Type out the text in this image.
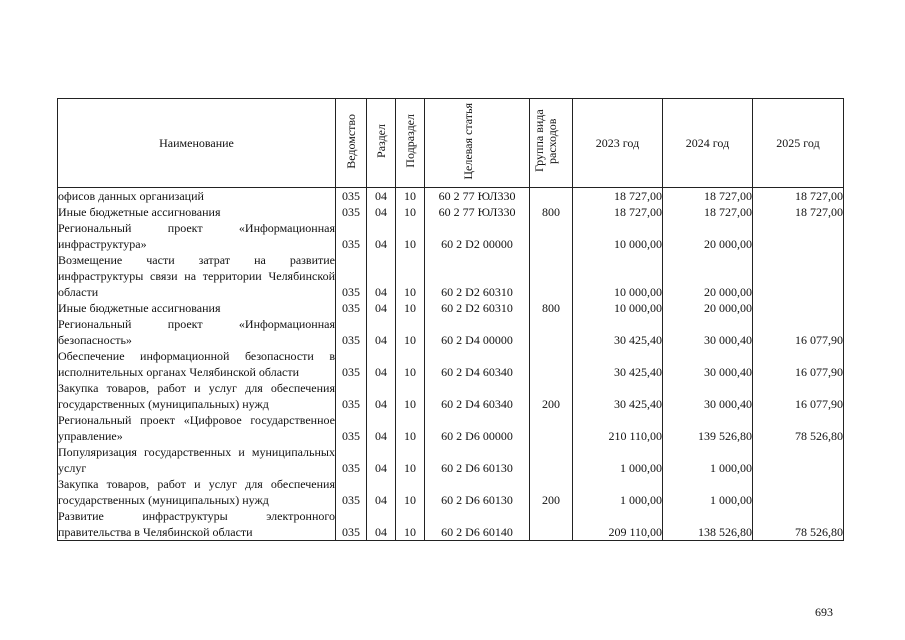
Наименование	Ведомство	Раздел	Подраздел	Целевая статья	Группа вида расходов	2023 год	2024 год	2025 год
офисов данных организаций	035	04	10	60 2 77 ЮЛ330		18 727,00	18 727,00	18 727,00
Иные бюджетные ассигнования	035	04	10	60 2 77 ЮЛ330	800	18 727,00	18 727,00	18 727,00
Региональный проект «Информационная инфраструктура»	035	04	10	60 2 D2 00000		10 000,00	20 000,00	
Возмещение части затрат на развитие инфраструктуры связи на территории Челябинской области	035	04	10	60 2 D2 60310		10 000,00	20 000,00	
Иные бюджетные ассигнования	035	04	10	60 2 D2 60310	800	10 000,00	20 000,00	
Региональный проект «Информационная безопасность»	035	04	10	60 2 D4 00000		30 425,40	30 000,40	16 077,90
Обеспечение информационной безопасности в исполнительных органах Челябинской области	035	04	10	60 2 D4 60340		30 425,40	30 000,40	16 077,90
Закупка товаров, работ и услуг для обеспечения государственных (муниципальных) нужд	035	04	10	60 2 D4 60340	200	30 425,40	30 000,40	16 077,90
Региональный проект «Цифровое государственное управление»	035	04	10	60 2 D6 00000		210 110,00	139 526,80	78 526,80
Популяризация государственных и муниципальных услуг	035	04	10	60 2 D6 60130		1 000,00	1 000,00	
Закупка товаров, работ и услуг для обеспечения государственных (муниципальных) нужд	035	04	10	60 2 D6 60130	200	1 000,00	1 000,00	
Развитие инфраструктуры электронного правительства в Челябинской области	035	04	10	60 2 D6 60140		209 110,00	138 526,80	78 526,80
693
